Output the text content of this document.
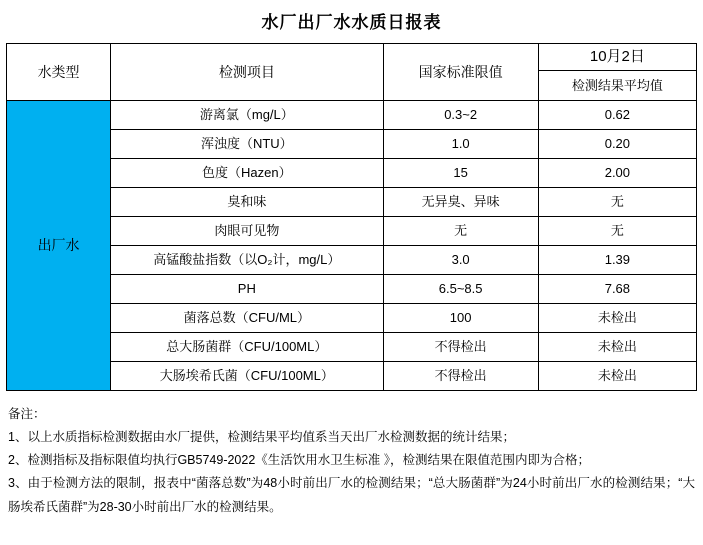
水厂出厂水水质日报表
水类型	检测项目	国家标准限值	10月2日
			检测结果平均值
出厂水	游离氯（mg/L）	0.3~2	0.62
	浑浊度（NTU）	1.0	0.20
	色度（Hazen）	15	2.00
	臭和味	无异臭、异味	无
	肉眼可见物	无	无
	高锰酸盐指数（以O₂计，mg/L）	3.0	1.39
	PH	6.5~8.5	7.68
	菌落总数（CFU/ML）	100	未检出
	总大肠菌群（CFU/100ML）	不得检出	未检出
	大肠埃希氏菌（CFU/100ML）	不得检出	未检出

备注：

1、以上水质指标检测数据由水厂提供，检测结果平均值系当天出厂水检测数据的统计结果；

2、检测指标及指标限值均执行GB5749-2022《生活饮用水卫生标准 》，检测结果在限值范围内即为合格；

3、由于检测方法的限制，报表中“菌落总数”为48小时前出厂水的检测结果；“总大肠菌群”为24小时前出厂水的检测结果；“大肠埃希氏菌群”为28-30小时前出厂水的检测结果。
